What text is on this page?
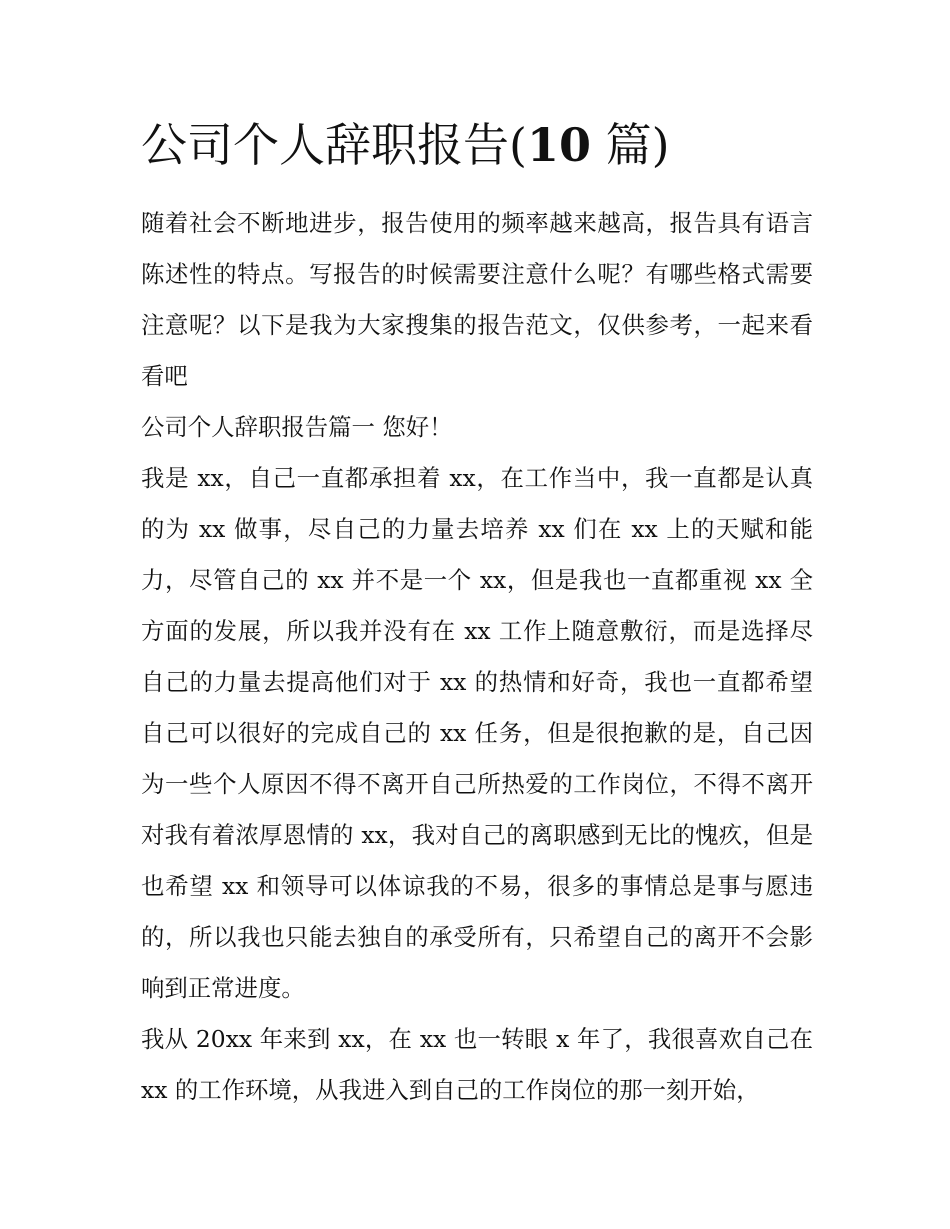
公司个人辞职报告(10 篇)

随着社会不断地进步，报告使用的频率越来越高，报告具有语言陈述性的特点。写报告的时候需要注意什么呢？有哪些格式需要注意呢？以下是我为大家搜集的报告范文，仅供参考，一起来看看吧

公司个人辞职报告篇一 您好！

我是 xx，自己一直都承担着 xx，在工作当中，我一直都是认真的为 xx 做事，尽自己的力量去培养 xx 们在 xx 上的天赋和能力，尽管自己的 xx 并不是一个 xx，但是我也一直都重视 xx 全方面的发展，所以我并没有在 xx 工作上随意敷衍，而是选择尽自己的力量去提高他们对于 xx 的热情和好奇，我也一直都希望自己可以很好的完成自己的 xx 任务，但是很抱歉的是，自己因为一些个人原因不得不离开自己所热爱的工作岗位，不得不离开对我有着浓厚恩情的 xx，我对自己的离职感到无比的愧疚，但是也希望 xx 和领导可以体谅我的不易，很多的事情总是事与愿违的，所以我也只能去独自的承受所有，只希望自己的离开不会影响到正常进度。

我从 20xx 年来到 xx，在 xx 也一转眼 x 年了，我很喜欢自己在 xx 的工作环境，从我进入到自己的工作岗位的那一刻开始，
